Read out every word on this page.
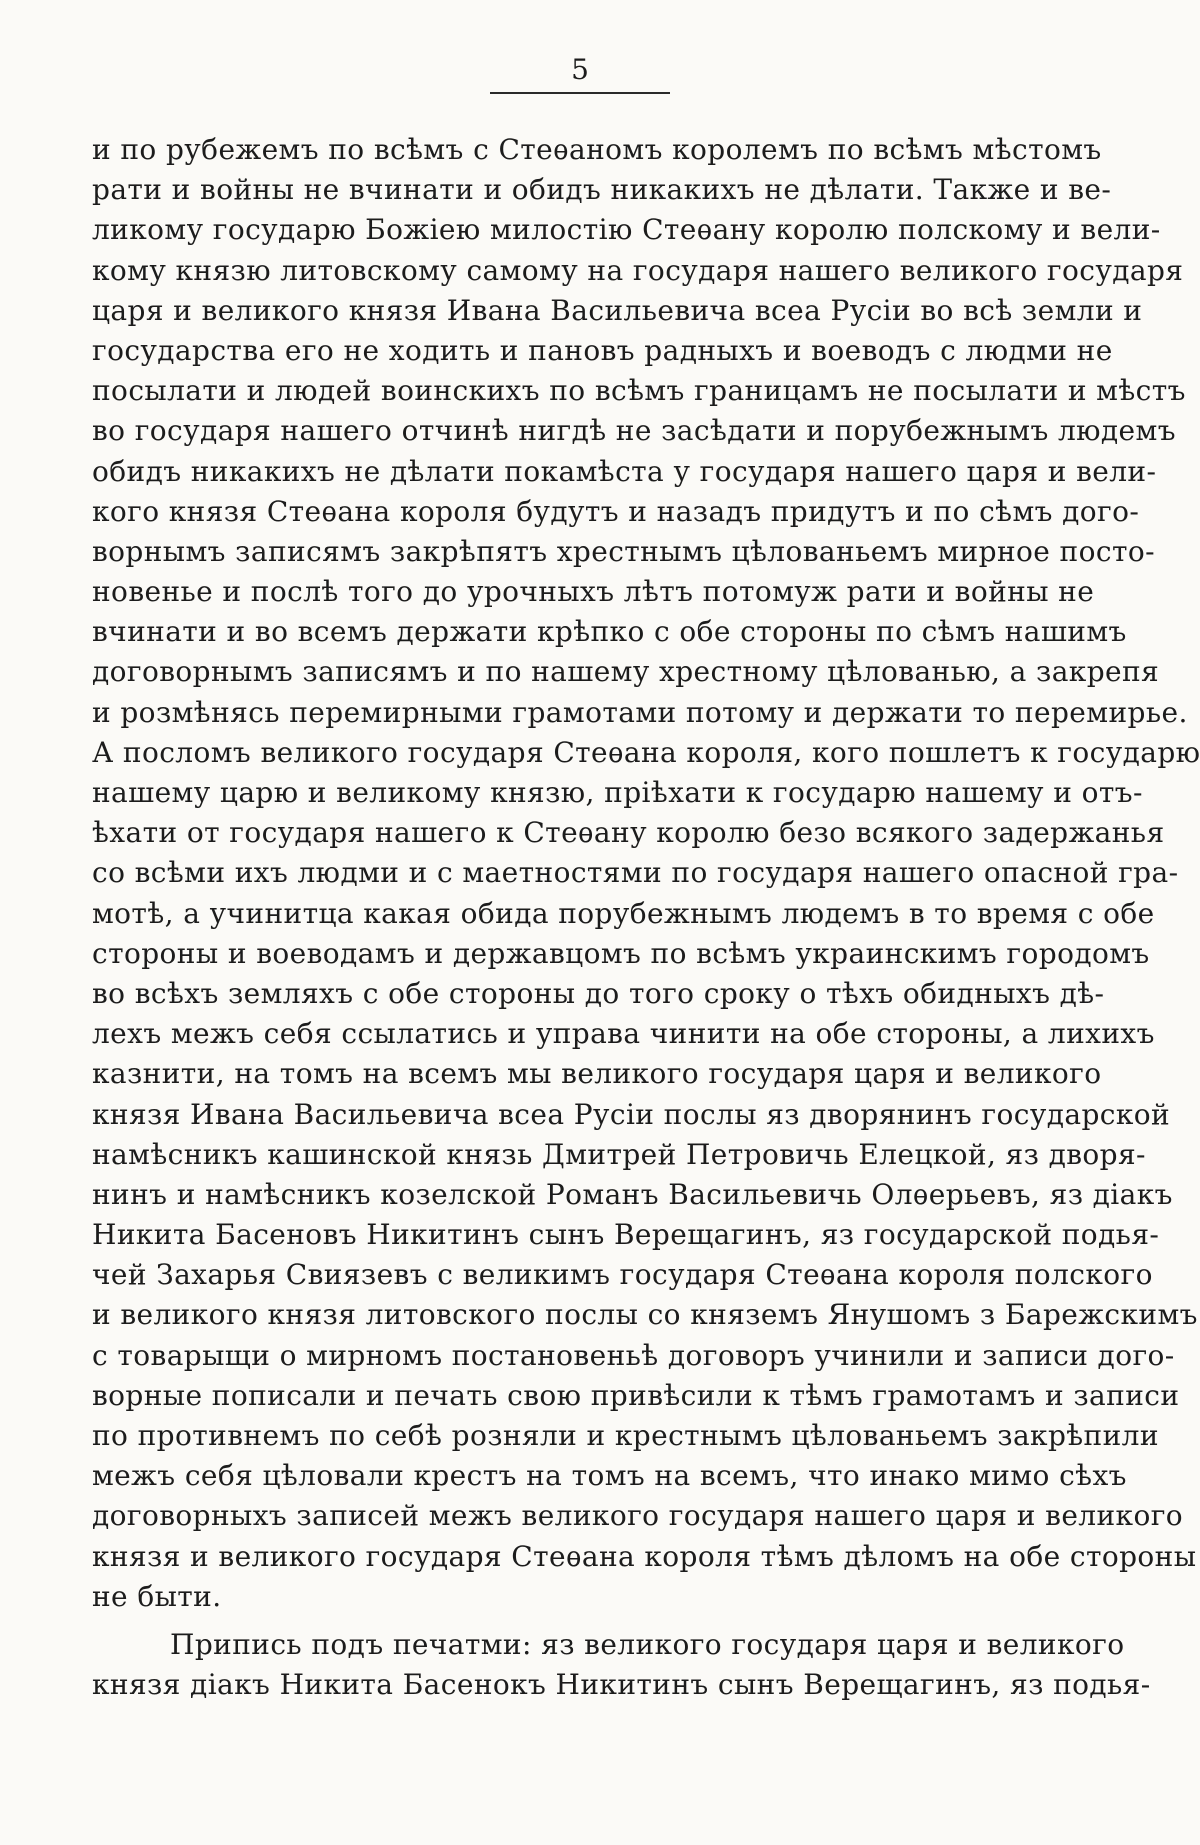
5
и по рубежемъ по всѣмъ с Стеѳаномъ королемъ по всѣмъ мѣстомъ
рати и войны не вчинати и обидъ никакихъ не дѣлати. Также и ве-
ликому государю Божіею милостію Стеѳану королю полскому и вели-
кому князю литовскому самому на государя нашего великого государя
царя и великого князя Ивана Васильевича всеа Русіи во всѣ земли и
государства его не ходить и пановъ радныхъ и воеводъ с людми не
посылати и людей воинскихъ по всѣмъ границамъ не посылати и мѣстъ
во государя нашего отчинѣ нигдѣ не засѣдати и порубежнымъ людемъ
обидъ никакихъ не дѣлати покамѣста у государя нашего царя и вели-
кого князя Стеѳана короля будутъ и назадъ придутъ и по сѣмъ дого-
ворнымъ записямъ закрѣпятъ хрестнымъ цѣлованьемъ мирное посто-
новенье и послѣ того до урочныхъ лѣтъ потомуж рати и войны не
вчинати и во всемъ держати крѣпко с обе стороны по сѣмъ нашимъ
договорнымъ записямъ и по нашему хрестному цѣлованью, а закрепя
и розмѣнясь перемирными грамотами потому и держати то перемирье.
А посломъ великого государя Стеѳана короля, кого пошлетъ к государю
нашему царю и великому князю, пріѣхати к государю нашему и отъ-
ѣхати от государя нашего к Стеѳану королю безо всякого задержанья
со всѣми ихъ людми и с маетностями по государя нашего опасной гра-
мотѣ, а учинитца какая обида порубежнымъ людемъ в то время с обе
стороны и воеводамъ и державцомъ по всѣмъ украинскимъ городомъ
во всѣхъ земляхъ с обе стороны до того сроку о тѣхъ обидныхъ дѣ-
лехъ межъ себя ссылатись и управа чинити на обе стороны, а лихихъ
казнити, на томъ на всемъ мы великого государя царя и великого
князя Ивана Васильевича всеа Русіи послы яз дворянинъ государской
намѣсникъ кашинской князь Дмитрей Петровичь Елецкой, яз дворя-
нинъ и намѣсникъ козелской Романъ Васильевичь Олѳерьевъ, яз дiакъ
Никита Басеновъ Никитинъ сынъ Верещагинъ, яз государской подья-
чей Захарья Свиязевъ с великимъ государя Стеѳана короля полского
и великого князя литовского послы со княземъ Янушомъ з Барежскимъ
с товарыщи о мирномъ постановеньѣ договоръ учинили и записи дого-
ворные пописали и печать свою привѣсили к тѣмъ грамотамъ и записи
по противнемъ по себѣ розняли и крестнымъ цѣлованьемъ закрѣпили
межъ себя цѣловали крестъ на томъ на всемъ, что инако мимо сѣхъ
договорныхъ записей межъ великого государя нашего царя и великого
князя и великого государя Стеѳана короля тѣмъ дѣломъ на обе стороны
не быти.
Припись подъ печатми: яз великого государя царя и великого
князя дiакъ Никита Басенокъ Никитинъ сынъ Верещагинъ, яз подья-
